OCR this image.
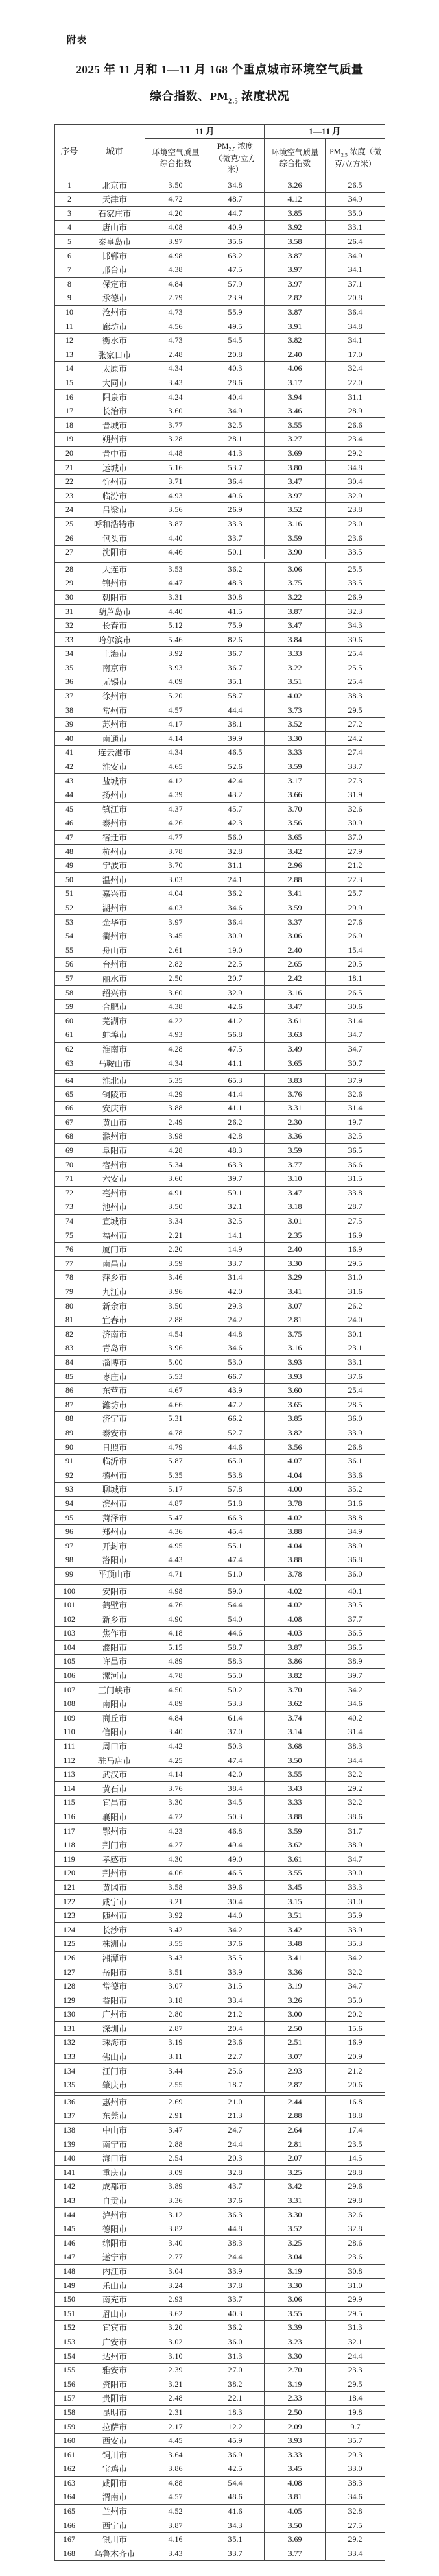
附表
2025 年 11 月和 1—11 月 168 个重点城市环境空气质量
综合指数、$PM_{2.5}$ 浓度状况
序号	城市
11 月	1—11 月
环境空气质量综合指数
$PM_{2.5}$ 浓度（微克/立方米）
环境空气质量综合指数
$PM_{2.5}$ 浓度（微克/立方米）
1	北京市	3.50	34.8	3.26	26.5
2	天津市	4.72	48.7	4.12	34.9
3	石家庄市	4.20	44.7	3.85	35.0
4	唐山市	4.08	40.9	3.92	33.1
5	秦皇岛市	3.97	35.6	3.58	26.4
6	邯郸市	4.98	63.2	3.87	34.9
7	邢台市	4.38	47.5	3.97	34.1
8	保定市	4.84	57.9	3.97	37.1
9	承德市	2.79	23.9	2.82	20.8
10	沧州市	4.73	55.9	3.87	36.4
11	廊坊市	4.56	49.5	3.91	34.8
12	衡水市	4.73	54.5	3.82	34.1
13	张家口市	2.48	20.8	2.40	17.0
14	太原市	4.34	40.3	4.06	32.4
15	大同市	3.43	28.6	3.17	22.0
16	阳泉市	4.24	40.4	3.94	31.1
17	长治市	3.60	34.9	3.46	28.9
18	晋城市	3.77	32.5	3.55	26.6
19	朔州市	3.28	28.1	3.27	23.4
20	晋中市	4.48	41.3	3.69	29.2
21	运城市	5.16	53.7	3.80	34.8
22	忻州市	3.71	36.4	3.47	30.4
23	临汾市	4.93	49.6	3.97	32.9
24	吕梁市	3.56	26.9	3.52	23.8
25	呼和浩特市	3.87	33.3	3.16	23.0
26	包头市	4.40	33.7	3.59	23.6
27	沈阳市	4.46	50.1	3.90	33.5
28	大连市	3.53	36.2	3.06	25.5
29	锦州市	4.47	48.3	3.75	33.5
30	朝阳市	3.31	30.8	3.22	26.9
31	葫芦岛市	4.40	41.5	3.87	32.3
32	长春市	5.12	75.9	3.47	34.3
33	哈尔滨市	5.46	82.6	3.84	39.6
34	上海市	3.92	36.7	3.33	25.4
35	南京市	3.93	36.7	3.22	25.5
36	无锡市	4.09	35.1	3.51	25.4
37	徐州市	5.20	58.7	4.02	38.3
38	常州市	4.57	44.4	3.73	29.5
39	苏州市	4.17	38.1	3.52	27.2
40	南通市	4.14	39.9	3.30	24.2
41	连云港市	4.34	46.5	3.33	27.4
42	淮安市	4.65	52.6	3.59	33.7
43	盐城市	4.12	42.4	3.17	27.3
44	扬州市	4.39	43.2	3.66	31.9
45	镇江市	4.37	45.7	3.70	32.6
46	泰州市	4.26	42.3	3.56	30.9
47	宿迁市	4.77	56.0	3.65	37.0
48	杭州市	3.78	32.8	3.42	27.9
49	宁波市	3.70	31.1	2.96	21.2
50	温州市	3.03	24.1	2.88	22.3
51	嘉兴市	4.04	36.2	3.41	25.7
52	湖州市	4.03	34.6	3.59	29.9
53	金华市	3.97	36.4	3.37	27.6
54	衢州市	3.45	30.9	3.06	26.9
55	舟山市	2.61	19.0	2.40	15.4
56	台州市	2.82	22.5	2.65	20.5
57	丽水市	2.50	20.7	2.42	18.1
58	绍兴市	3.60	32.9	3.16	26.5
59	合肥市	4.38	42.6	3.47	30.6
60	芜湖市	4.22	41.2	3.61	31.4
61	蚌埠市	4.93	56.8	3.63	34.7
62	淮南市	4.28	47.5	3.49	34.7
63	马鞍山市	4.34	41.1	3.65	30.7
64	淮北市	5.35	65.3	3.83	37.9
65	铜陵市	4.29	41.4	3.76	32.6
66	安庆市	3.88	41.1	3.31	31.4
67	黄山市	2.49	26.2	2.30	19.7
68	滁州市	3.98	42.8	3.36	32.5
69	阜阳市	4.28	48.3	3.59	36.5
70	宿州市	5.34	63.3	3.77	36.6
71	六安市	3.60	39.7	3.10	31.5
72	亳州市	4.91	59.1	3.47	33.8
73	池州市	3.50	32.1	3.18	28.7
74	宣城市	3.34	32.5	3.01	27.5
75	福州市	2.21	14.1	2.35	16.9
76	厦门市	2.20	14.9	2.40	16.9
77	南昌市	3.59	33.7	3.30	29.5
78	萍乡市	3.46	31.4	3.29	31.0
79	九江市	3.96	42.0	3.41	31.6
80	新余市	3.50	29.3	3.07	26.2
81	宜春市	2.88	24.2	2.81	24.0
82	济南市	4.54	44.8	3.75	30.1
83	青岛市	3.96	34.6	3.16	23.1
84	淄博市	5.00	53.0	3.93	33.1
85	枣庄市	5.53	66.7	3.93	37.6
86	东营市	4.67	43.9	3.60	25.4
87	潍坊市	4.66	47.2	3.65	28.5
88	济宁市	5.31	66.2	3.85	36.0
89	泰安市	4.78	52.7	3.82	33.9
90	日照市	4.79	44.6	3.56	26.8
91	临沂市	5.87	65.0	4.07	36.1
92	德州市	5.35	53.8	4.04	33.6
93	聊城市	5.17	57.8	4.00	35.2
94	滨州市	4.87	51.8	3.78	31.6
95	菏泽市	5.47	66.3	4.02	38.8
96	郑州市	4.36	45.4	3.88	34.9
97	开封市	4.95	55.1	4.04	38.9
98	洛阳市	4.43	47.4	3.88	36.8
99	平顶山市	4.71	51.0	3.78	36.0
100	安阳市	4.98	59.0	4.02	40.1
101	鹤壁市	4.76	54.4	4.02	39.5
102	新乡市	4.90	54.0	4.08	37.7
103	焦作市	4.18	44.6	4.03	36.5
104	濮阳市	5.15	58.7	3.87	36.5
105	许昌市	4.89	58.3	3.86	38.9
106	漯河市	4.78	55.0	3.82	39.7
107	三门峡市	4.50	50.2	3.70	34.2
108	南阳市	4.89	53.3	3.62	34.6
109	商丘市	4.84	61.4	3.74	40.2
110	信阳市	3.40	37.0	3.14	31.4
111	周口市	4.42	50.3	3.68	38.3
112	驻马店市	4.25	47.4	3.50	34.4
113	武汉市	4.14	42.0	3.55	32.2
114	黄石市	3.76	38.4	3.43	29.2
115	宜昌市	3.30	34.5	3.33	32.2
116	襄阳市	4.72	50.3	3.88	38.6
117	鄂州市	4.23	46.8	3.59	31.7
118	荆门市	4.27	49.4	3.62	38.9
119	孝感市	4.30	49.0	3.61	34.7
120	荆州市	4.06	46.5	3.55	39.0
121	黄冈市	3.58	39.6	3.45	33.3
122	咸宁市	3.21	30.4	3.15	31.0
123	随州市	3.92	44.0	3.51	35.9
124	长沙市	3.42	34.2	3.42	33.9
125	株洲市	3.55	37.6	3.48	35.3
126	湘潭市	3.43	35.5	3.41	34.2
127	岳阳市	3.51	33.9	3.36	32.2
128	常德市	3.07	31.5	3.19	34.7
129	益阳市	3.18	33.4	3.26	35.0
130	广州市	2.80	21.2	3.00	20.2
131	深圳市	2.87	20.4	2.50	15.6
132	珠海市	3.19	23.6	2.51	16.9
133	佛山市	3.11	22.7	3.07	20.9
134	江门市	3.44	25.6	2.93	21.2
135	肇庆市	2.55	18.7	2.87	20.6
136	惠州市	2.69	21.0	2.44	16.8
137	东莞市	2.91	21.3	2.88	18.8
138	中山市	3.47	24.7	2.64	17.4
139	南宁市	2.88	24.4	2.81	23.5
140	海口市	2.54	20.3	2.07	14.5
141	重庆市	3.09	32.8	3.25	28.8
142	成都市	3.89	43.7	3.42	29.6
143	自贡市	3.36	37.6	3.31	29.8
144	泸州市	3.12	36.3	3.30	32.6
145	德阳市	3.82	44.8	3.52	32.8
146	绵阳市	3.40	38.3	3.25	28.6
147	遂宁市	2.77	24.4	3.04	23.6
148	内江市	3.04	33.9	3.19	30.8
149	乐山市	3.24	37.8	3.30	31.0
150	南充市	2.93	33.7	3.06	29.9
151	眉山市	3.62	40.3	3.55	29.5
152	宜宾市	3.20	36.2	3.39	31.3
153	广安市	3.02	36.0	3.23	32.1
154	达州市	3.10	31.3	3.30	24.4
155	雅安市	2.39	27.0	2.70	23.3
156	资阳市	3.21	38.2	3.19	29.5
157	贵阳市	2.48	22.1	2.33	18.4
158	昆明市	2.31	18.3	2.50	19.8
159	拉萨市	2.17	12.2	2.09	9.7
160	西安市	4.45	45.9	3.93	35.7
161	铜川市	3.64	36.9	3.33	29.3
162	宝鸡市	3.86	42.5	3.45	33.0
163	咸阳市	4.88	54.4	4.08	38.3
164	渭南市	4.57	48.6	3.81	34.6
165	兰州市	4.52	41.6	4.05	32.8
166	西宁市	3.87	34.3	3.50	27.5
167	银川市	4.16	35.1	3.69	29.2
168	乌鲁木齐市	3.43	33.7	3.77	33.4
